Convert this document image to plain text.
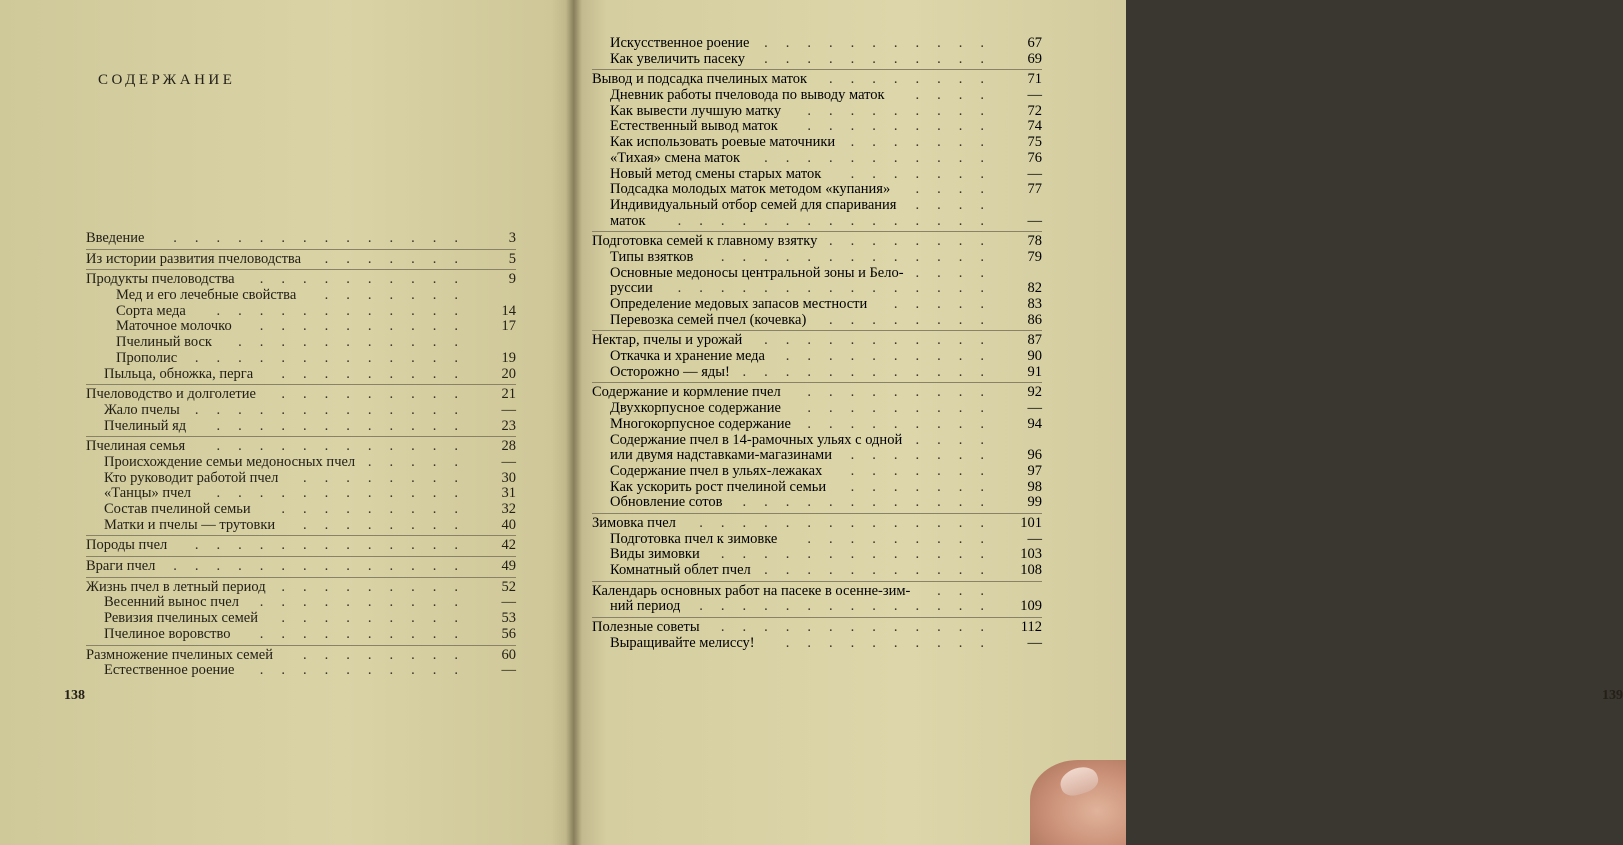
СОДЕРЖАНИЕ
Введение	3
..............
Из истории развития пчеловодства	5
.......
Продукты пчеловодства	9
..........
Мед и его лечебные свойства .......
Сорта меда	14
............
Маточное молочко	17
..........
Пчелиный воск ...........
Прополис	19
.............
Пыльца, обножка, перга	20
.........
Пчеловодство и долголетие	21
.........
Жало пчелы	—
.............
Пчелиный яд	23
............
Пчелиная семья	28
............
Происхождение семьи медоносных пчел	—
.....
Кто руководит работой пчел	30
........
«Танцы» пчел	31
............
Состав пчелиной семьи	32
.........
Матки и пчелы — трутовки	40
........
Породы пчел	42
.............
Враги пчел	49
..............
Жизнь пчел в летный период	52
.........
Весенний вынос пчел	—
..........
Ревизия пчелиных семей	53
.........
Пчелиное воровство	56
..........
Размножение пчелиных семей	60
........
Естественное роение	—
..........
138	139
Искусственное роение	67
...........
Как увеличить пасеку	69
...........
Вывод и подсадка пчелиных маток	71
........
Дневник работы пчеловода по выводу маток	—
....
Как вывести лучшую матку	72
.........
Естественный вывод маток	74
.........
Как использовать роевые маточники	75
.......
«Тихая» смена маток	76
...........
Новый метод смены старых маток	—
.......
Подсадка молодых маток методом «купания»	77
....
Индивидуальный отбор семей для спаривания ....
маток	—
...............
Подготовка семей к главному взятку	78
........
Типы взятков	79
.............
Основные медоносы центральной зоны и Бело- ....
руссии	82
...............
Определение медовых запасов местности	83
.....
Перевозка семей пчел (кочевка)	86
........
Нектар, пчелы и урожай	87
...........
Откачка и хранение меда	90
..........
Осторожно — яды!	91
............
Содержание и кормление пчел	92
.........
Двухкорпусное содержание	—
.........
Многокорпусное содержание	94
.........
Содержание пчел в 14-рамочных ульях с одной ....
или двумя надставками-магазинами	96
.......
Содержание пчел в ульях-лежаках	97
.......
Как ускорить рост пчелиной семьи	98
.......
Обновление сотов	99
............
Зимовка пчел	101
..............
Подготовка пчел к зимовке	—
.........
Виды зимовки	103
.............
Комнатный облет пчел	108
...........
Календарь основных работ на пасеке в осенне-зим- ...
ний период	109
..............
Полезные советы	112
.............
Выращивайте мелиссу!	—
..........
